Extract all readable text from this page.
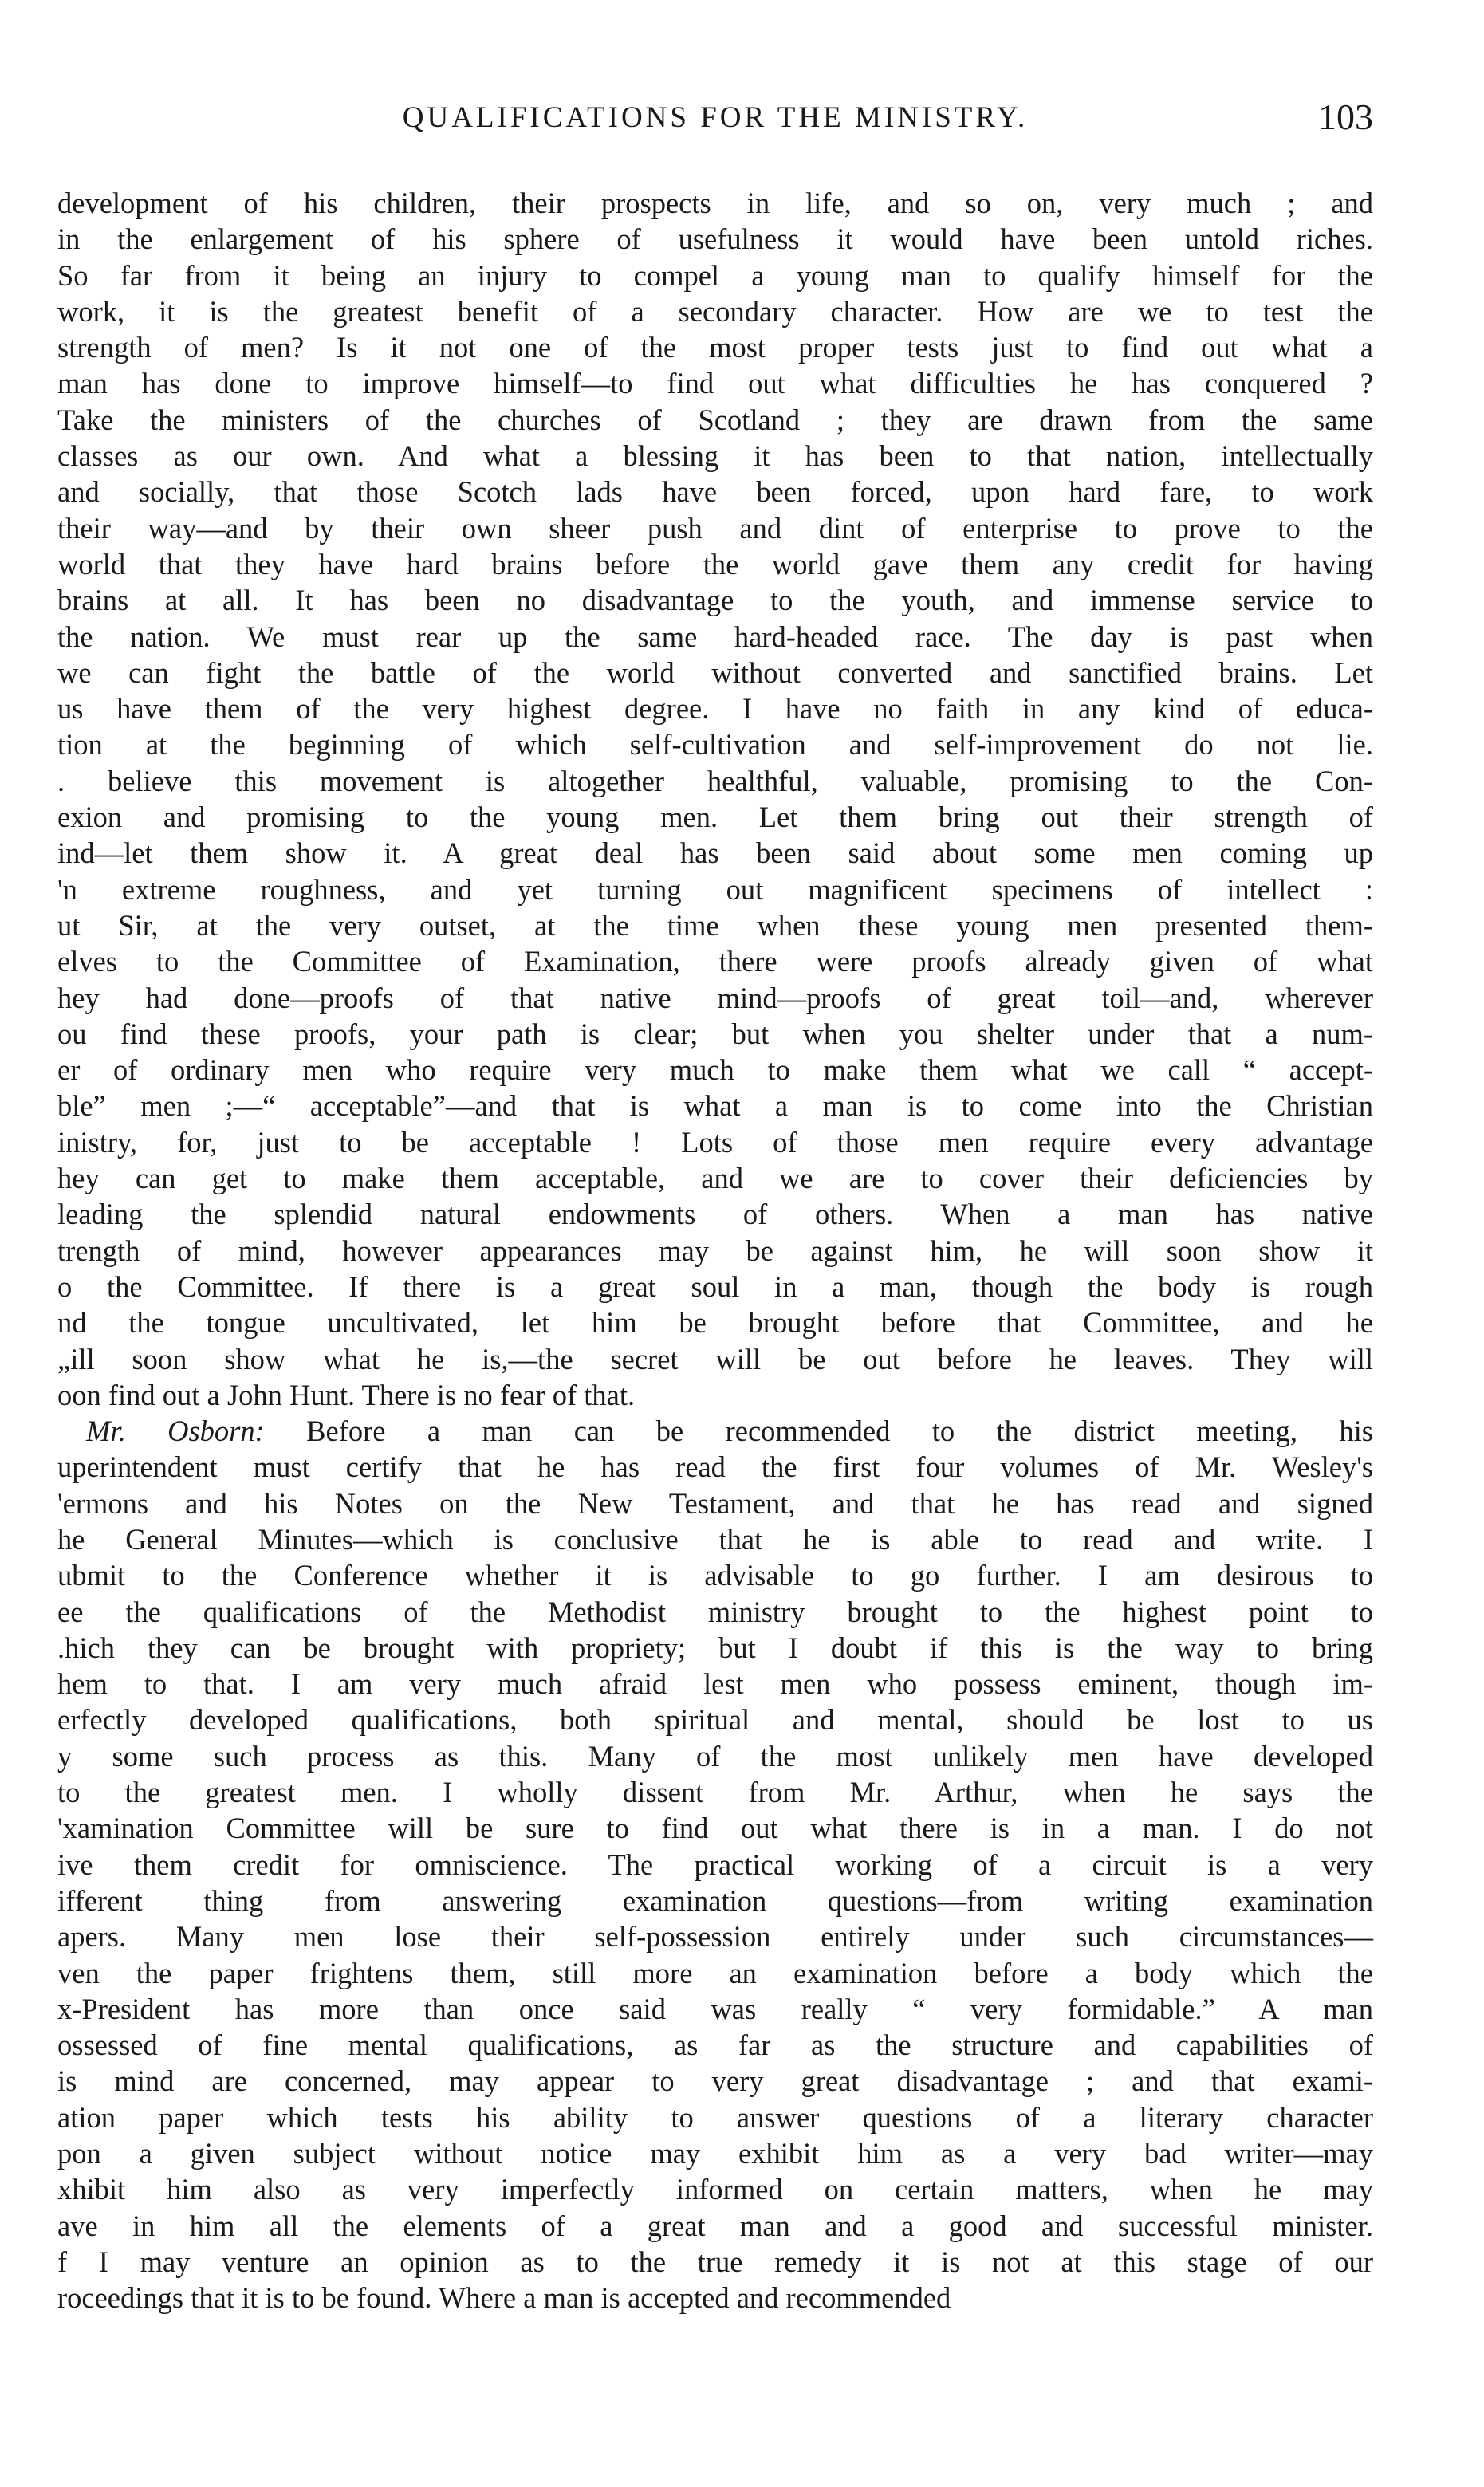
QUALIFICATIONS FOR THE MINISTRY.	103
development of his children, their prospects in life, and so on, very much ; and
in the enlargement of his sphere of usefulness it would have been untold riches.
So far from it being an injury to compel a young man to qualify himself for the
work, it is the greatest benefit of a secondary character. How are we to test the
strength of men? Is it not one of the most proper tests just to find out what a
man has done to improve himself—to find out what difficulties he has conquered ?
Take the ministers of the churches of Scotland ; they are drawn from the same
classes as our own. And what a blessing it has been to that nation, intellectually
and socially, that those Scotch lads have been forced, upon hard fare, to work
their way—and by their own sheer push and dint of enterprise to prove to the
world that they have hard brains before the world gave them any credit for having
brains at all. It has been no disadvantage to the youth, and immense service to
the nation. We must rear up the same hard-headed race. The day is past when
we can fight the battle of the world without converted and sanctified brains. Let
us have them of the very highest degree. I have no faith in any kind of educa-
tion at the beginning of which self-cultivation and self-improvement do not lie.
. believe this movement is altogether healthful, valuable, promising to the Con-
exion and promising to the young men. Let them bring out their strength of
ind—let them show it. A great deal has been said about some men coming up
'n extreme roughness, and yet turning out magnificent specimens of intellect :
ut Sir, at the very outset, at the time when these young men presented them-
elves to the Committee of Examination, there were proofs already given of what
hey had done—proofs of that native mind—proofs of great toil—and, wherever
ou find these proofs, your path is clear; but when you shelter under that a num-
er of ordinary men who require very much to make them what we call “ accept-
ble” men ;—“ acceptable”—and that is what a man is to come into the Christian
inistry, for, just to be acceptable ! Lots of those men require every advantage
hey can get to make them acceptable, and we are to cover their deficiencies by
leading the splendid natural endowments of others. When a man has native
trength of mind, however appearances may be against him, he will soon show it
o the Committee. If there is a great soul in a man, though the body is rough
nd the tongue uncultivated, let him be brought before that Committee, and he
„ill soon show what he is,—the secret will be out before he leaves. They will
oon find out a John Hunt. There is no fear of that.
Mr. Osborn: Before a man can be recommended to the district meeting, his
uperintendent must certify that he has read the first four volumes of Mr. Wesley's
'ermons and his Notes on the New Testament, and that he has read and signed
he General Minutes—which is conclusive that he is able to read and write. I
ubmit to the Conference whether it is advisable to go further. I am desirous to
ee the qualifications of the Methodist ministry brought to the highest point to
.hich they can be brought with propriety; but I doubt if this is the way to bring
hem to that. I am very much afraid lest men who possess eminent, though im-
erfectly developed qualifications, both spiritual and mental, should be lost to us
y some such process as this. Many of the most unlikely men have developed
to the greatest men. I wholly dissent from Mr. Arthur, when he says the
'xamination Committee will be sure to find out what there is in a man. I do not
ive them credit for omniscience. The practical working of a circuit is a very
ifferent thing from answering examination questions—from writing examination
apers. Many men lose their self-possession entirely under such circumstances—
ven the paper frightens them, still more an examination before a body which the
x-President has more than once said was really “ very formidable.” A man
ossessed of fine mental qualifications, as far as the structure and capabilities of
is mind are concerned, may appear to very great disadvantage ; and that exami-
ation paper which tests his ability to answer questions of a literary character
pon a given subject without notice may exhibit him as a very bad writer—may
xhibit him also as very imperfectly informed on certain matters, when he may
ave in him all the elements of a great man and a good and successful minister.
f I may venture an opinion as to the true remedy it is not at this stage of our
roceedings that it is to be found. Where a man is accepted and recommended
